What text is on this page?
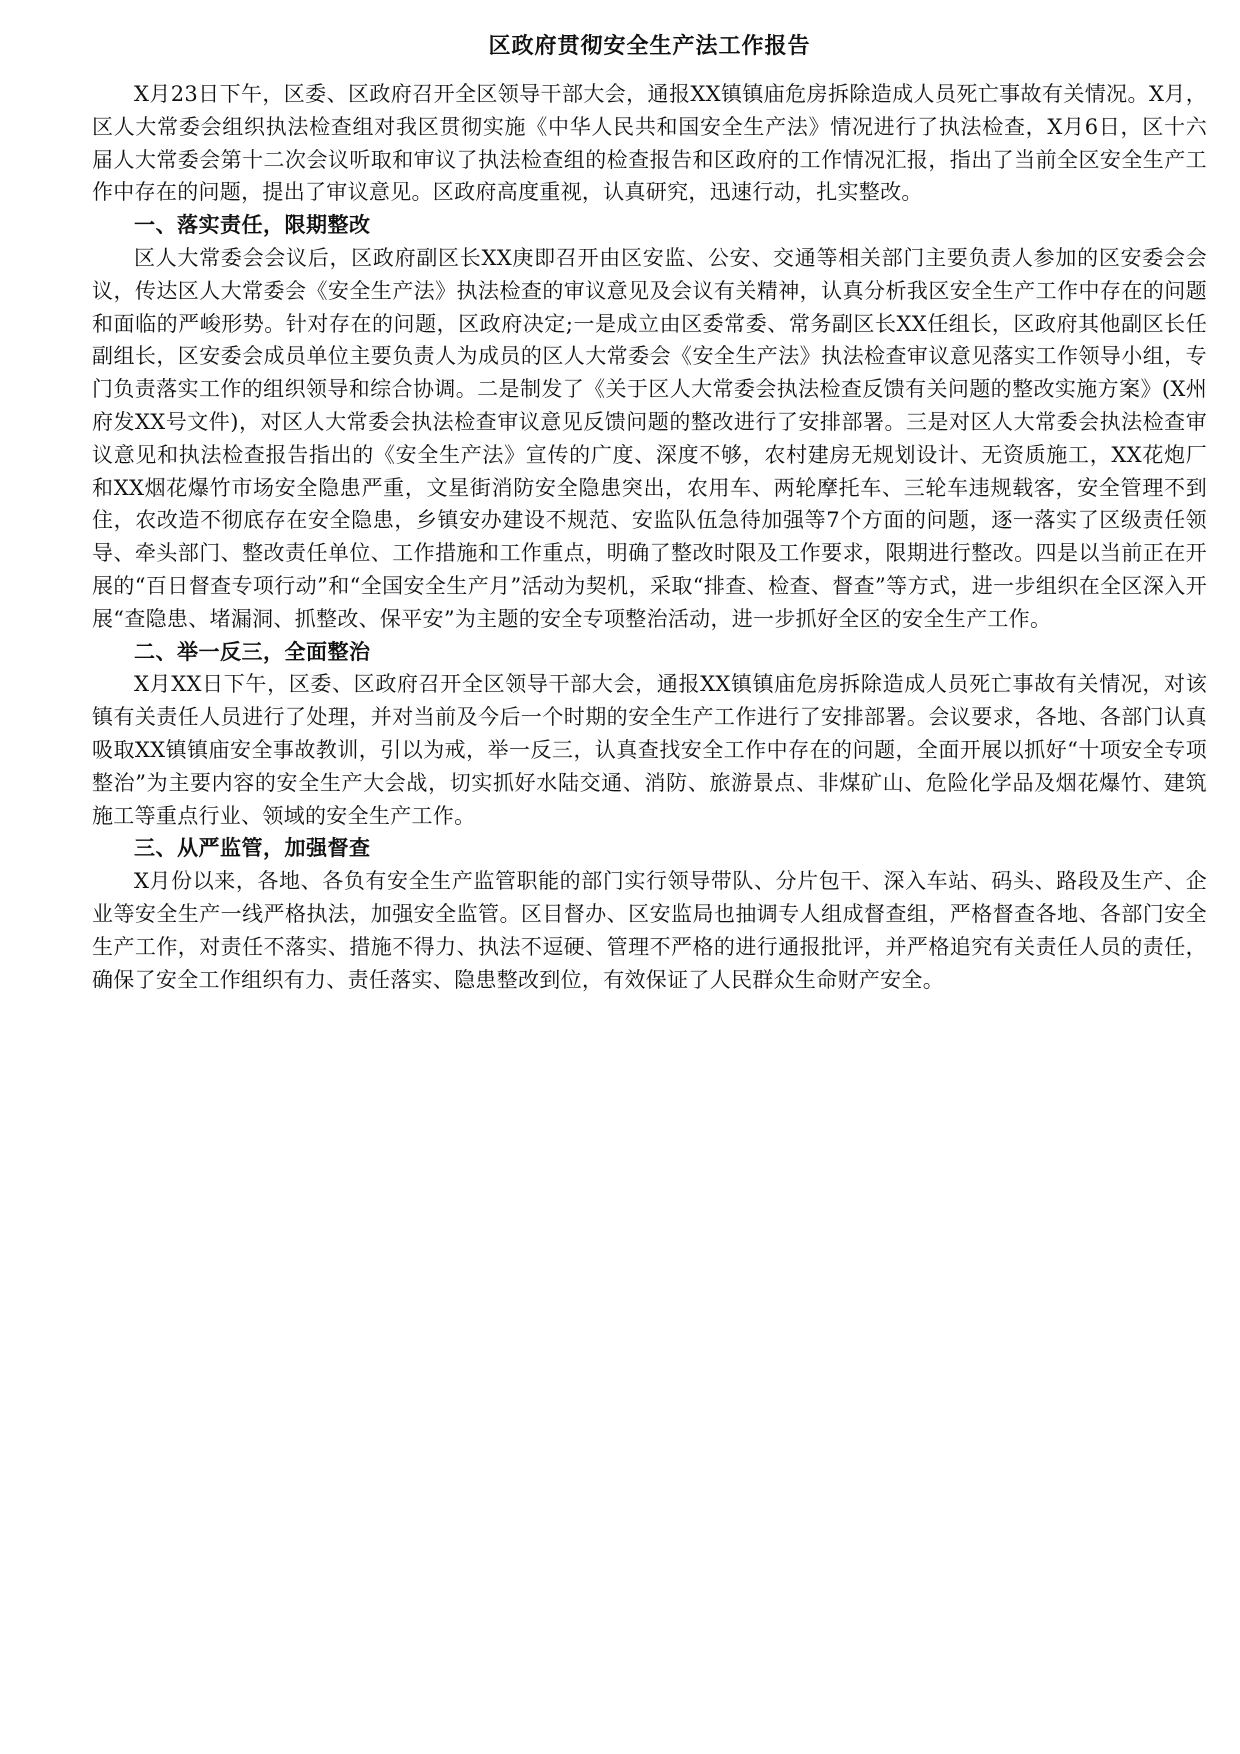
区政府贯彻安全生产法工作报告

X月23日下午，区委、区政府召开全区领导干部大会，通报XX镇镇庙危房拆除造成人员死亡事故有关情况。X月，区人大常委会组织执法检查组对我区贯彻实施《中华人民共和国安全生产法》情况进行了执法检查，X月6日，区十六届人大常委会第十二次会议听取和审议了执法检查组的检查报告和区政府的工作情况汇报，指出了当前全区安全生产工作中存在的问题，提出了审议意见。区政府高度重视，认真研究，迅速行动，扎实整改。

一、落实责任，限期整改

区人大常委会会议后，区政府副区长XX庚即召开由区安监、公安、交通等相关部门主要负责人参加的区安委会会议，传达区人大常委会《安全生产法》执法检查的审议意见及会议有关精神，认真分析我区安全生产工作中存在的问题和面临的严峻形势。针对存在的问题，区政府决定;一是成立由区委常委、常务副区长XX任组长，区政府其他副区长任副组长，区安委会成员单位主要负责人为成员的区人大常委会《安全生产法》执法检查审议意见落实工作领导小组，专门负责落实工作的组织领导和综合协调。二是制发了《关于区人大常委会执法检查反馈有关问题的整改实施方案》(X州府发XX号文件)，对区人大常委会执法检查审议意见反馈问题的整改进行了安排部署。三是对区人大常委会执法检查审议意见和执法检查报告指出的《安全生产法》宣传的广度、深度不够，农村建房无规划设计、无资质施工，XX花炮厂和XX烟花爆竹市场安全隐患严重，文星街消防安全隐患突出，农用车、两轮摩托车、三轮车违规载客，安全管理不到住，农改造不彻底存在安全隐患，乡镇安办建设不规范、安监队伍急待加强等7个方面的问题，逐一落实了区级责任领导、牵头部门、整改责任单位、工作措施和工作重点，明确了整改时限及工作要求，限期进行整改。四是以当前正在开展的“百日督查专项行动”和“全国安全生产月”活动为契机，采取“排查、检查、督查”等方式，进一步组织在全区深入开展“查隐患、堵漏洞、抓整改、保平安”为主题的安全专项整治活动，进一步抓好全区的安全生产工作。

二、举一反三，全面整治

X月XX日下午，区委、区政府召开全区领导干部大会，通报XX镇镇庙危房拆除造成人员死亡事故有关情况，对该镇有关责任人员进行了处理，并对当前及今后一个时期的安全生产工作进行了安排部署。会议要求，各地、各部门认真吸取XX镇镇庙安全事故教训，引以为戒，举一反三，认真查找安全工作中存在的问题，全面开展以抓好“十项安全专项整治”为主要内容的安全生产大会战，切实抓好水陆交通、消防、旅游景点、非煤矿山、危险化学品及烟花爆竹、建筑施工等重点行业、领域的安全生产工作。

三、从严监管，加强督查

X月份以来，各地、各负有安全生产监管职能的部门实行领导带队、分片包干、深入车站、码头、路段及生产、企业等安全生产一线严格执法，加强安全监管。区目督办、区安监局也抽调专人组成督查组，严格督查各地、各部门安全生产工作，对责任不落实、措施不得力、执法不逗硬、管理不严格的进行通报批评，并严格追究有关责任人员的责任，确保了安全工作组织有力、责任落实、隐患整改到位，有效保证了人民群众生命财产安全。
